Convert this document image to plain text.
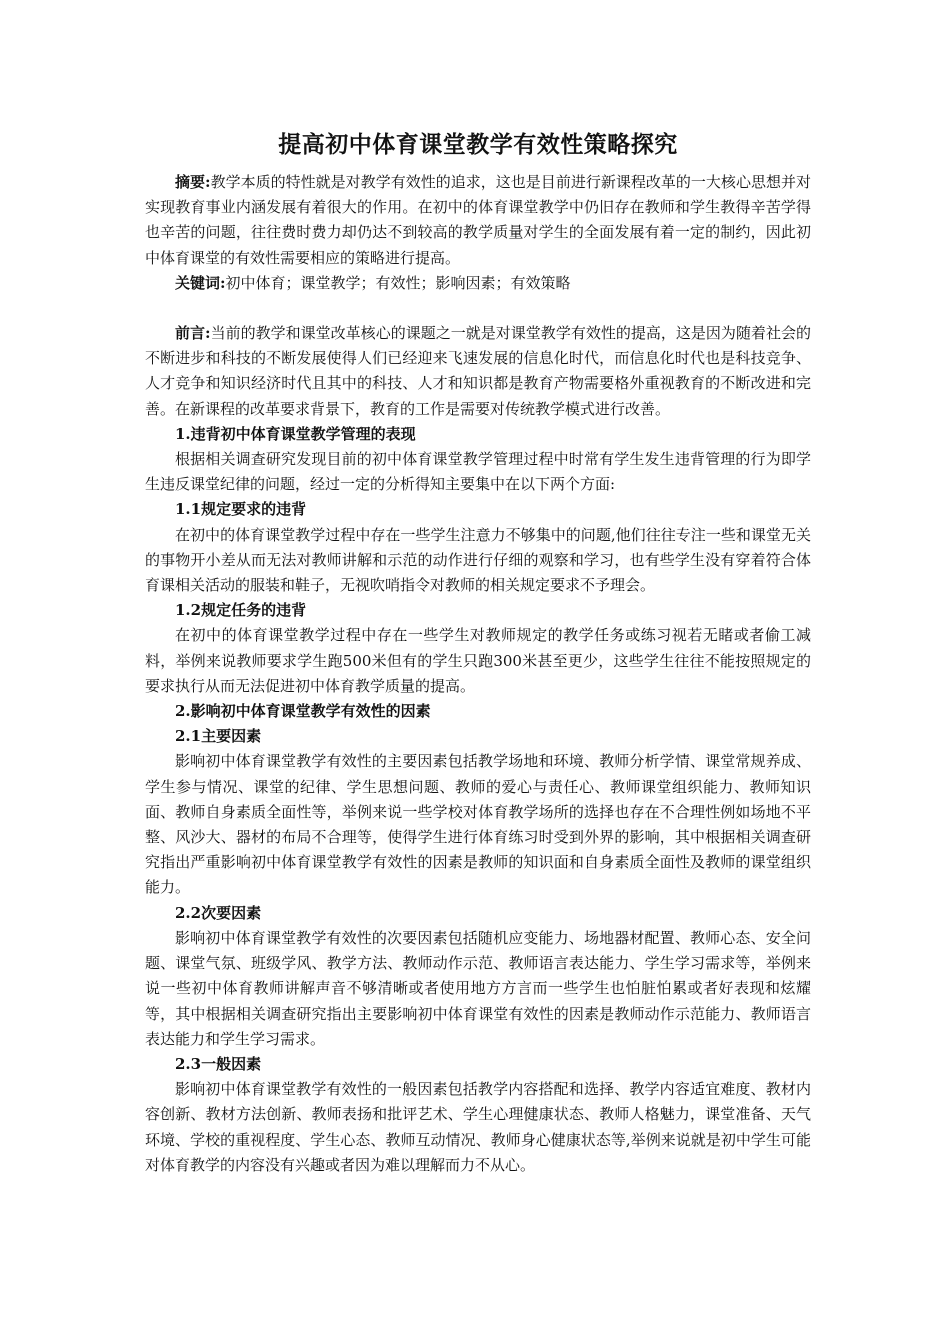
提高初中体育课堂教学有效性策略探究

摘要:教学本质的特性就是对教学有效性的追求，这也是目前进行新课程改革的一大核心思想并对实现教育事业内涵发展有着很大的作用。在初中的体育课堂教学中仍旧存在教师和学生教得辛苦学得也辛苦的问题，往往费时费力却仍达不到较高的教学质量对学生的全面发展有着一定的制约，因此初中体育课堂的有效性需要相应的策略进行提高。

关键词:初中体育；课堂教学；有效性；影响因素；有效策略

前言:当前的教学和课堂改革核心的课题之一就是对课堂教学有效性的提高，这是因为随着社会的不断进步和科技的不断发展使得人们已经迎来飞速发展的信息化时代，而信息化时代也是科技竞争、人才竞争和知识经济时代且其中的科技、人才和知识都是教育产物需要格外重视教育的不断改进和完善。在新课程的改革要求背景下，教育的工作是需要对传统教学模式进行改善。

1.违背初中体育课堂教学管理的表现

根据相关调查研究发现目前的初中体育课堂教学管理过程中时常有学生发生违背管理的行为即学生违反课堂纪律的问题，经过一定的分析得知主要集中在以下两个方面:

1.1规定要求的违背

在初中的体育课堂教学过程中存在一些学生注意力不够集中的问题,他们往往专注一些和课堂无关的事物开小差从而无法对教师讲解和示范的动作进行仔细的观察和学习，也有些学生没有穿着符合体育课相关活动的服装和鞋子，无视吹哨指令对教师的相关规定要求不予理会。

1.2规定任务的违背

在初中的体育课堂教学过程中存在一些学生对教师规定的教学任务或练习视若无睹或者偷工减料，举例来说教师要求学生跑500米但有的学生只跑300米甚至更少，这些学生往往不能按照规定的要求执行从而无法促进初中体育教学质量的提高。

2.影响初中体育课堂教学有效性的因素
2.1主要因素

影响初中体育课堂教学有效性的主要因素包括教学场地和环境、教师分析学情、课堂常规养成、学生参与情况、课堂的纪律、学生思想问题、教师的爱心与责任心、教师课堂组织能力、教师知识面、教师自身素质全面性等，举例来说一些学校对体育教学场所的选择也存在不合理性例如场地不平整、风沙大、器材的布局不合理等，使得学生进行体育练习时受到外界的影响，其中根据相关调查研究指出严重影响初中体育课堂教学有效性的因素是教师的知识面和自身素质全面性及教师的课堂组织能力。

2.2次要因素

影响初中体育课堂教学有效性的次要因素包括随机应变能力、场地器材配置、教师心态、安全问题、课堂气氛、班级学风、教学方法、教师动作示范、教师语言表达能力、学生学习需求等，举例来说一些初中体育教师讲解声音不够清晰或者使用地方方言而一些学生也怕脏怕累或者好表现和炫耀等，其中根据相关调查研究指出主要影响初中体育课堂有效性的因素是教师动作示范能力、教师语言表达能力和学生学习需求。

2.3一般因素

影响初中体育课堂教学有效性的一般因素包括教学内容搭配和选择、教学内容适宜难度、教材内容创新、教材方法创新、教师表扬和批评艺术、学生心理健康状态、教师人格魅力，课堂准备、天气环境、学校的重视程度、学生心态、教师互动情况、教师身心健康状态等,举例来说就是初中学生可能对体育教学的内容没有兴趣或者因为难以理解而力不从心。
